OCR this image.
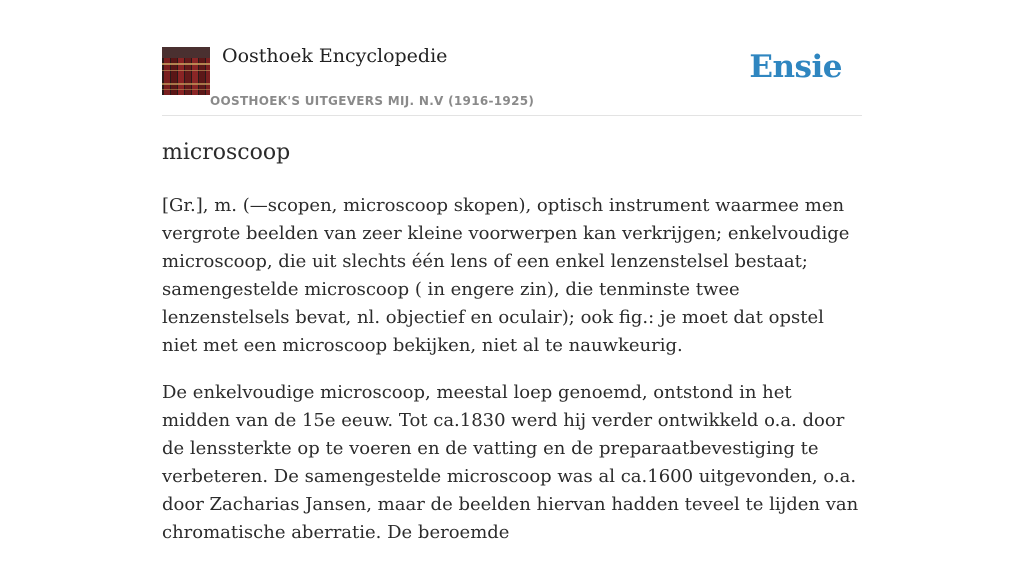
Oosthoek Encyclopedie
OOSTHOEK'S UITGEVERS MIJ. N.V (1916-1925)
Ensie
microscoop

[Gr.], m. (—scopen, microscoop skopen), optisch instrument waarmee men vergrote beelden van zeer kleine voorwerpen kan verkrijgen; enkelvoudige microscoop, die uit slechts één lens of een enkel lenzenstelsel bestaat; samengestelde microscoop ( in engere zin), die tenminste twee lenzenstelsels bevat, nl. objectief en oculair); ook fig.: je moet dat opstel niet met een microscoop bekijken, niet al te nauwkeurig.

De enkelvoudige microscoop, meestal loep genoemd, ontstond in het midden van de 15e eeuw. Tot ca.1830 werd hij verder ontwikkeld o.a. door de lenssterkte op te voeren en de vatting en de preparaatbevestiging te verbeteren. De samengestelde microscoop was al ca.1600 uitgevonden, o.a. door Zacharias Jansen, maar de beelden hiervan hadden teveel te lijden van chromatische aberratie. De beroemde
